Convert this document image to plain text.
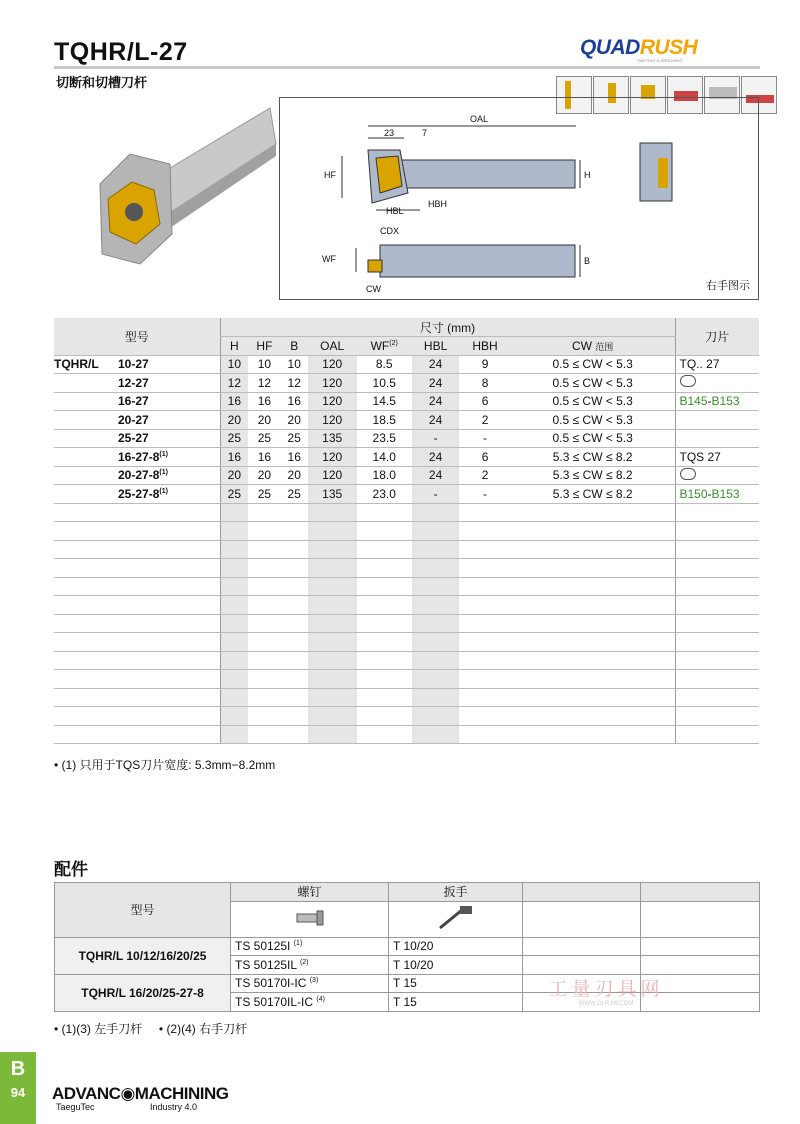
TQHR/L-27
切断和切槽刀杆
QUADRUSH
PARTING & GROOVING
OAL
23	7
HF	H
HBL
HBH
CDX
WF	B
CW	右手图示
型号	尺寸 (mm)								刀片
	H	HF	B	OAL	WF$^{(2)}$	HBL	HBH	CW 范围	
TQHR/L 10-27	10	10	10	120	8.5	24	9	0.5 ≤ CW < 5.3	TQ.. 27
12-27	12	12	12	120	10.5	24	8	0.5 ≤ CW < 5.3	
16-27	16	16	16	120	14.5	24	6	0.5 ≤ CW < 5.3	B145-B153
20-27	20	20	20	120	18.5	24	2	0.5 ≤ CW < 5.3	
25-27	25	25	25	135	23.5	-	-	0.5 ≤ CW < 5.3	
16-27-8$^{(1)}$	16	16	16	120	14.0	24	6	5.3 ≤ CW ≤ 8.2	TQS 27
20-27-8$^{(1)}$	20	20	20	120	18.0	24	2	5.3 ≤ CW ≤ 8.2	
25-27-8$^{(1)}$	25	25	25	135	23.0	-	-	5.3 ≤ CW ≤ 8.2	B150-B153

• (1) 只用于TQS刀片宽度: 5.3mm−8.2mm
配件
型号	螺钉	扳手		

TQHR/L 10/12/16/20/25	TS 50125I $^{(1)}$	T 10/20		
	TS 50125IL $^{(2)}$	T 10/20		
TQHR/L 16/20/25-27-8	TS 50170I-IC $^{(3)}$	T 15		
	TS 50170IL-IC $^{(4)}$	T 15		
• (1)(3) 左手刀杆     • (2)(4) 右手刀杆
工量刃具网
WWW.GLRJW.COM
B
94	ADVANC◉MACHINING
TaeguTec	Industry 4.0
